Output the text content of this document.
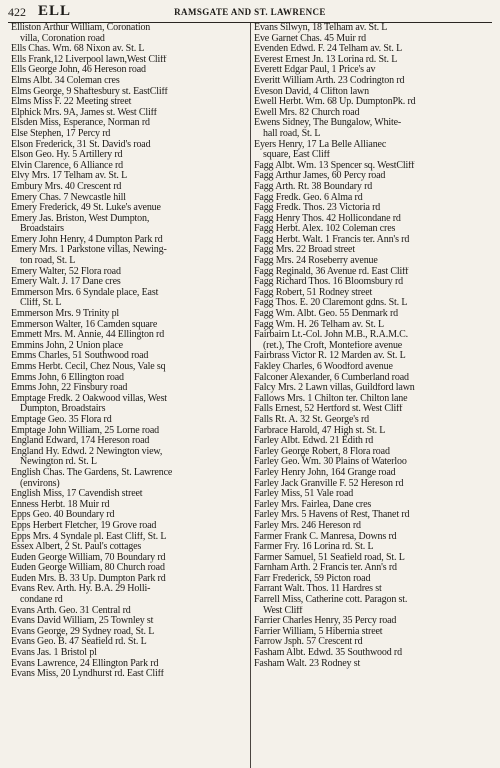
422 ELL	RAMSGATE AND ST. LAWRENCE
Elliston Arthur William, Coronation
villa, Coronation road
Ells Chas. Wm. 68 Nixon av. St. L
Ells Frank,12 Liverpool lawn,West Cliff
Ells George John, 46 Hereson road
Elms Albt. 34 Coleman cres
Elms George, 9 Shaftesbury st. EastCliff
Elms Miss F. 22 Meeting street
Elphick Mrs. 9A, James st. West Cliff
Elsden Miss, Esperance, Norman rd
Else Stephen, 17 Percy rd
Elson Frederick, 31 St. David's road
Elson Geo. Hy. 5 Artillery rd
Elvin Clarence, 6 Alliance rd
Elvy Mrs. 17 Telham av. St. L
Embury Mrs. 40 Crescent rd
Emery Chas. 7 Newcastle hill
Emery Frederick, 49 St. Luke's avenue
Emery Jas. Briston, West Dumpton,
Broadstairs
Emery John Henry, 4 Dumpton Park rd
Emery Mrs. 1 Parkstone villas, Newing-
ton road, St. L
Emery Walter, 52 Flora road
Emery Walt. J. 17 Dane cres
Emmerson Mrs. 6 Syndale place, East
Cliff, St. L
Emmerson Mrs. 9 Trinity pl
Emmerson Walter, 16 Camden square
Emmett Mrs. M. Annie, 44 Ellington rd
Emmins John, 2 Union place
Emms Charles, 51 Southwood road
Emms Herbt. Cecil, Chez Nous, Vale sq
Emms John, 6 Ellington road
Emms John, 22 Finsbury road
Emptage Fredk. 2 Oakwood villas, West
Dumpton, Broadstairs
Emptage Geo. 35 Flora rd
Emptage John William, 25 Lorne road
England Edward, 174 Hereson road
England Hy. Edwd. 2 Newington view,
Newington rd. St. L
English Chas. The Gardens, St. Lawrence
(environs)
English Miss, 17 Cavendish street
Enness Herbt. 18 Muir rd
Epps Geo. 40 Boundary rd
Epps Herbert Fletcher, 19 Grove road
Epps Mrs. 4 Syndale pl. East Cliff, St. L
Essex Albert, 2 St. Paul's cottages
Euden George William, 70 Boundary rd
Euden George William, 80 Church road
Euden Mrs. B. 33 Up. Dumpton Park rd
Evans Rev. Arth. Hy. B.A. 29 Holli-
condane rd
Evans Arth. Geo. 31 Central rd
Evans David William, 25 Townley st
Evans George, 29 Sydney road, St. L
Evans Geo. B. 47 Seafield rd. St. L
Evans Jas. 1 Bristol pl
Evans Lawrence, 24 Ellington Park rd
Evans Miss, 20 Lyndhurst rd. East Cliff
Evans Silwyn, 18 Telham av. St. L
Eve Garnet Chas. 45 Muir rd
Evenden Edwd. F. 24 Telham av. St. L
Everest Ernest Jn. 13 Lorina rd. St. L
Everett Edgar Paul, 1 Price's av
Everitt William Arth. 23 Codrington rd
Eveson David, 4 Clifton lawn
Ewell Herbt. Wm. 68 Up. DumptonPk. rd
Ewell Mrs. 82 Church road
Ewens Sidney, The Bungalow, White-
hall road, St. L
Eyers Henry, 17 La Belle Allianec
square, East Cliff
Fagg Albt. Wm. 13 Spencer sq. WestCliff
Fagg Arthur James, 60 Percy road
Fagg Arth. Rt. 38 Boundary rd
Fagg Fredk. Geo. 6 Alma rd
Fagg Fredk. Thos. 23 Victoria rd
Fagg Henry Thos. 42 Hollicondane rd
Fagg Herbt. Alex. 102 Coleman cres
Fagg Herbt. Walt. 1 Francis ter. Ann's rd
Fagg Mrs. 22 Broad street
Fagg Mrs. 24 Roseberry avenue
Fagg Reginald, 36 Avenue rd. East Cliff
Fagg Richard Thos. 16 Bloomsbury rd
Fagg Robert, 51 Rodney street
Fagg Thos. E. 20 Claremont gdns. St. L
Fagg Wm. Albt. Geo. 55 Denmark rd
Fagg Wm. H. 26 Telham av. St. L
Fairbairn Lt.-Col. John M.B., R.A.M.C.
(ret.), The Croft, Montefiore avenue
Fairbrass Victor R. 12 Marden av. St. L
Fakley Charles, 6 Woodford avenue
Falconer Alexander, 6 Cumberland road
Falcy Mrs. 2 Lawn villas, Guildford lawn
Fallows Mrs. 1 Chilton ter. Chilton lane
Falls Ernest, 52 Hertford st. West Cliff
Falls Rt. A. 32 St. George's rd
Farbrace Harold, 47 High st. St. L
Farley Albt. Edwd. 21 Edith rd
Farley George Robert, 8 Flora road
Farley Geo. Wm. 30 Plains of Waterloo
Farley Henry John, 164 Grange road
Farley Jack Granville F. 52 Hereson rd
Farley Miss, 51 Vale road
Farley Mrs. Fairlea, Dane cres
Farley Mrs. 5 Havens of Rest, Thanet rd
Farley Mrs. 246 Hereson rd
Farmer Frank C. Manresa, Downs rd
Farmer Fry. 16 Lorina rd. St. L
Farmer Samuel, 51 Seafield road, St. L
Farnham Arth. 2 Francis ter. Ann's rd
Farr Frederick, 59 Picton road
Farrant Walt. Thos. 11 Hardres st
Farrell Miss, Catherine cott. Paragon st.
West Cliff
Farrier Charles Henry, 35 Percy road
Farrier William, 5 Hibernia street
Farrow Jsph. 57 Crescent rd
Fasham Albt. Edwd. 35 Southwood rd
Fasham Walt. 23 Rodney st
